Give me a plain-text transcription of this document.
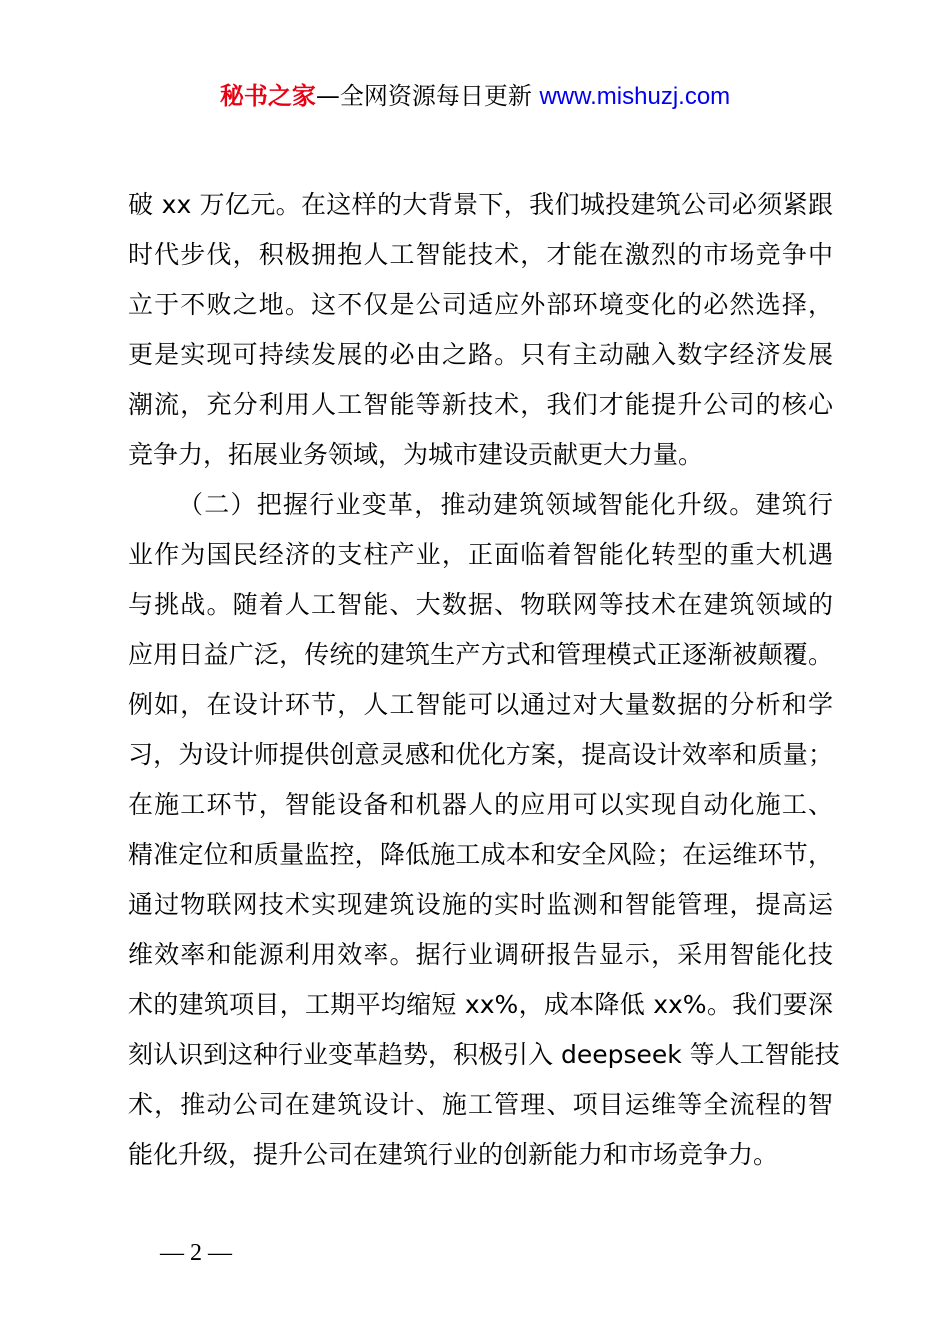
秘书之家—全网资源每日更新 www.mishuzj.com
破 xx 万亿元。在这样的大背景下，我们城投建筑公司必须紧跟
时代步伐，积极拥抱人工智能技术，才能在激烈的市场竞争中
立于不败之地。这不仅是公司适应外部环境变化的必然选择，
更是实现可持续发展的必由之路。只有主动融入数字经济发展
潮流，充分利用人工智能等新技术，我们才能提升公司的核心
竞争力，拓展业务领域，为城市建设贡献更大力量。
（二）把握行业变革，推动建筑领域智能化升级。建筑行
业作为国民经济的支柱产业，正面临着智能化转型的重大机遇
与挑战。随着人工智能、大数据、物联网等技术在建筑领域的
应用日益广泛，传统的建筑生产方式和管理模式正逐渐被颠覆。
例如，在设计环节，人工智能可以通过对大量数据的分析和学
习，为设计师提供创意灵感和优化方案，提高设计效率和质量；
在施工环节，智能设备和机器人的应用可以实现自动化施工、
精准定位和质量监控，降低施工成本和安全风险；在运维环节，
通过物联网技术实现建筑设施的实时监测和智能管理，提高运
维效率和能源利用效率。据行业调研报告显示，采用智能化技
术的建筑项目，工期平均缩短 xx%，成本降低 xx%。我们要深
刻认识到这种行业变革趋势，积极引入 deepseek 等人工智能技
术，推动公司在建筑设计、施工管理、项目运维等全流程的智
能化升级，提升公司在建筑行业的创新能力和市场竞争力。
— 2 —
